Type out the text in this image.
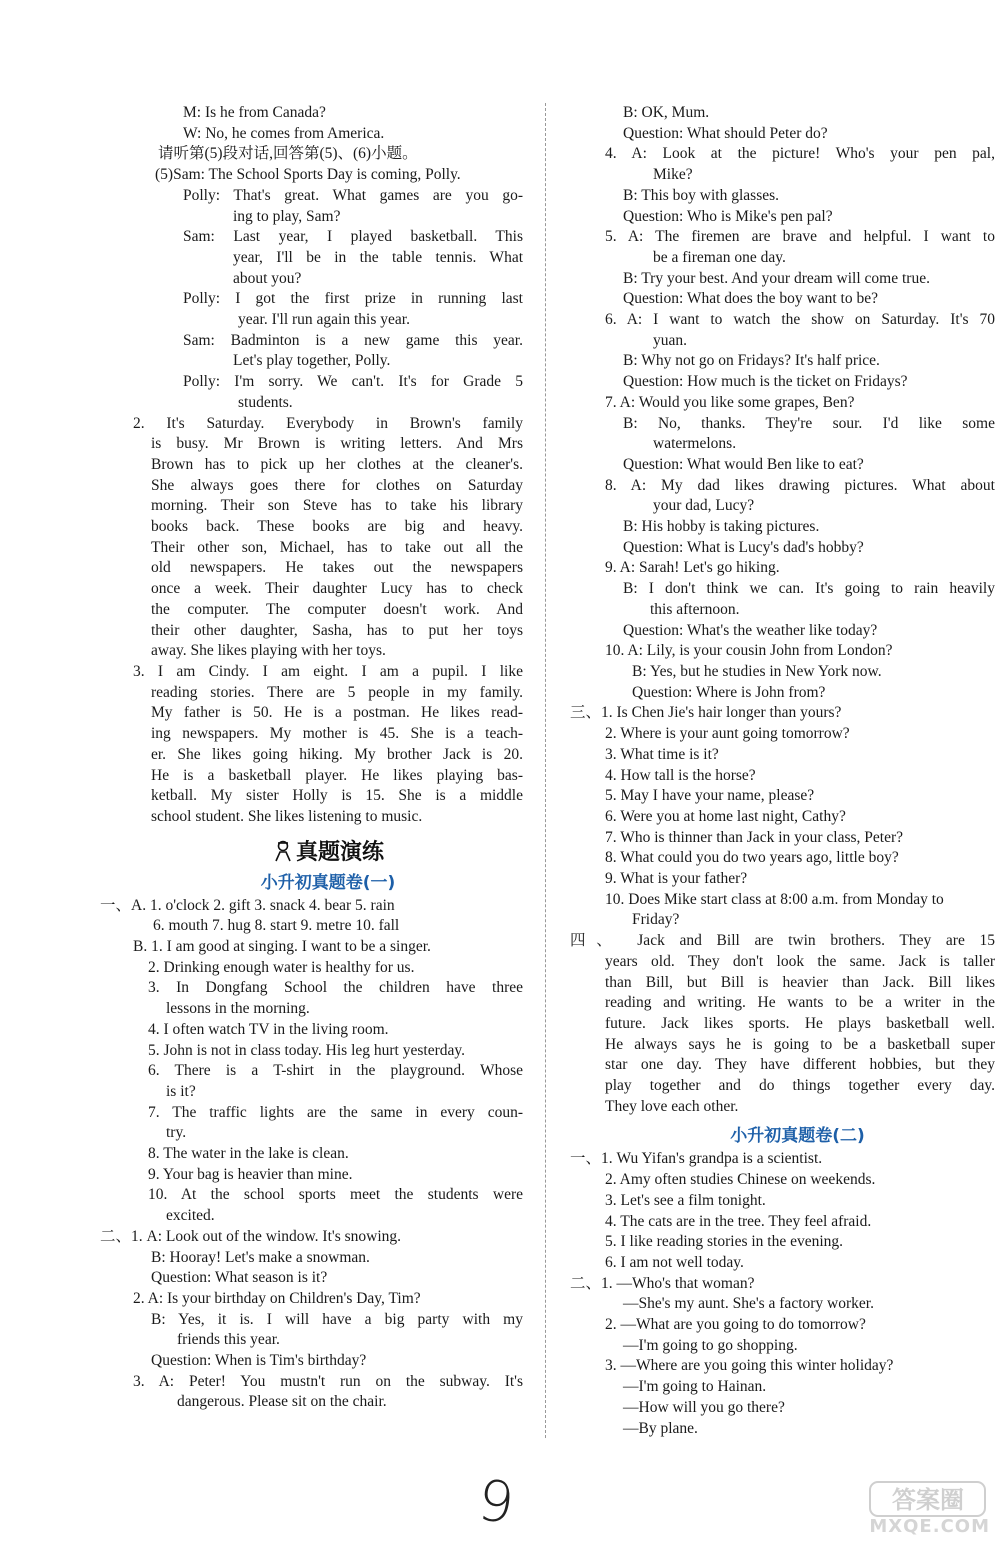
M: Is he from Canada?
W: No, he comes from America.
请听第(5)段对话,回答第(5)、(6)小题。
(5)Sam: The School Sports Day is coming, Polly.
Polly: That's great. What games are you go-
ing to play, Sam?
Sam: Last year, I played basketball. This
year, I'll be in the table tennis. What
about you?
Polly: I got the first prize in running last
year. I'll run again this year.
Sam: Badminton is a new game this year.
Let's play together, Polly.
Polly: I'm sorry. We can't. It's for Grade 5
students.
2. It's Saturday. Everybody in Brown's family
is busy. Mr Brown is writing letters. And Mrs
Brown has to pick up her clothes at the cleaner's.
She always goes there for clothes on Saturday
morning. Their son Steve has to take his library
books back. These books are big and heavy.
Their other son, Michael, has to take out all the
old newspapers. He takes out the newspapers
once a week. Their daughter Lucy has to check
the computer. The computer doesn't work. And
their other daughter, Sasha, has to put her toys
away. She likes playing with her toys.
3. I am Cindy. I am eight. I am a pupil. I like
reading stories. There are 5 people in my family.
My father is 50. He is a postman. He likes read-
ing newspapers. My mother is 45. She is a teach-
er. She likes going hiking. My brother Jack is 20.
He is a basketball player. He likes playing bas-
ketball. My sister Holly is 15. She is a middle
school student. She likes listening to music.
真题演练
小升初真题卷(一)
一、A. 1. o'clock 2. gift 3. snack 4. bear 5. rain
6. mouth 7. hug 8. start 9. metre 10. fall
B. 1. I am good at singing. I want to be a singer.
2. Drinking enough water is healthy for us.
3. In Dongfang School the children have three
lessons in the morning.
4. I often watch TV in the living room.
5. John is not in class today. His leg hurt yesterday.
6. There is a T-shirt in the playground. Whose
is it?
7. The traffic lights are the same in every coun-
try.
8. The water in the lake is clean.
9. Your bag is heavier than mine.
10. At the school sports meet the students were
excited.
二、1. A: Look out of the window. It's snowing.
B: Hooray! Let's make a snowman.
Question: What season is it?
2. A: Is your birthday on Children's Day, Tim?
B: Yes, it is. I will have a big party with my
friends this year.
Question: When is Tim's birthday?
3. A: Peter! You mustn't run on the subway. It's
dangerous. Please sit on the chair.
B: OK, Mum.
Question: What should Peter do?
4. A: Look at the picture! Who's your pen pal,
Mike?
B: This boy with glasses.
Question: Who is Mike's pen pal?
5. A: The firemen are brave and helpful. I want to
be a fireman one day.
B: Try your best. And your dream will come true.
Question: What does the boy want to be?
6. A: I want to watch the show on Saturday. It's 70
yuan.
B: Why not go on Fridays? It's half price.
Question: How much is the ticket on Fridays?
7. A: Would you like some grapes, Ben?
B: No, thanks. They're sour. I'd like some
watermelons.
Question: What would Ben like to eat?
8. A: My dad likes drawing pictures. What about
your dad, Lucy?
B: His hobby is taking pictures.
Question: What is Lucy's dad's hobby?
9. A: Sarah! Let's go hiking.
B: I don't think we can. It's going to rain heavily
this afternoon.
Question: What's the weather like today?
10. A: Lily, is your cousin John from London?
B: Yes, but he studies in New York now.
Question: Where is John from?
三、1. Is Chen Jie's hair longer than yours?
2. Where is your aunt going tomorrow?
3. What time is it?
4. How tall is the horse?
5. May I have your name, please?
6. Were you at home last night, Cathy?
7. Who is thinner than Jack in your class, Peter?
8. What could you do two years ago, little boy?
9. What is your father?
10. Does Mike start class at 8:00 a.m. from Monday to
Friday?
四、 Jack and Bill are twin brothers. They are 15
years old. They don't look the same. Jack is taller
than Bill, but Bill is heavier than Jack. Bill likes
reading and writing. He wants to be a writer in the
future. Jack likes sports. He plays basketball well.
He always says he is going to be a basketball super
star one day. They have different hobbies, but they
play together and do things together every day.
They love each other.
小升初真题卷(二)
一、1. Wu Yifan's grandpa is a scientist.
2. Amy often studies Chinese on weekends.
3. Let's see a film tonight.
4. The cats are in the tree. They feel afraid.
5. I like reading stories in the evening.
6. I am not well today.
二、1. —Who's that woman?
—She's my aunt. She's a factory worker.
2. —What are you going to do tomorrow?
—I'm going to go shopping.
3. —Where are you going this winter holiday?
—I'm going to Hainan.
—How will you go there?
—By plane.
9	答案圈
MXQE.COM
